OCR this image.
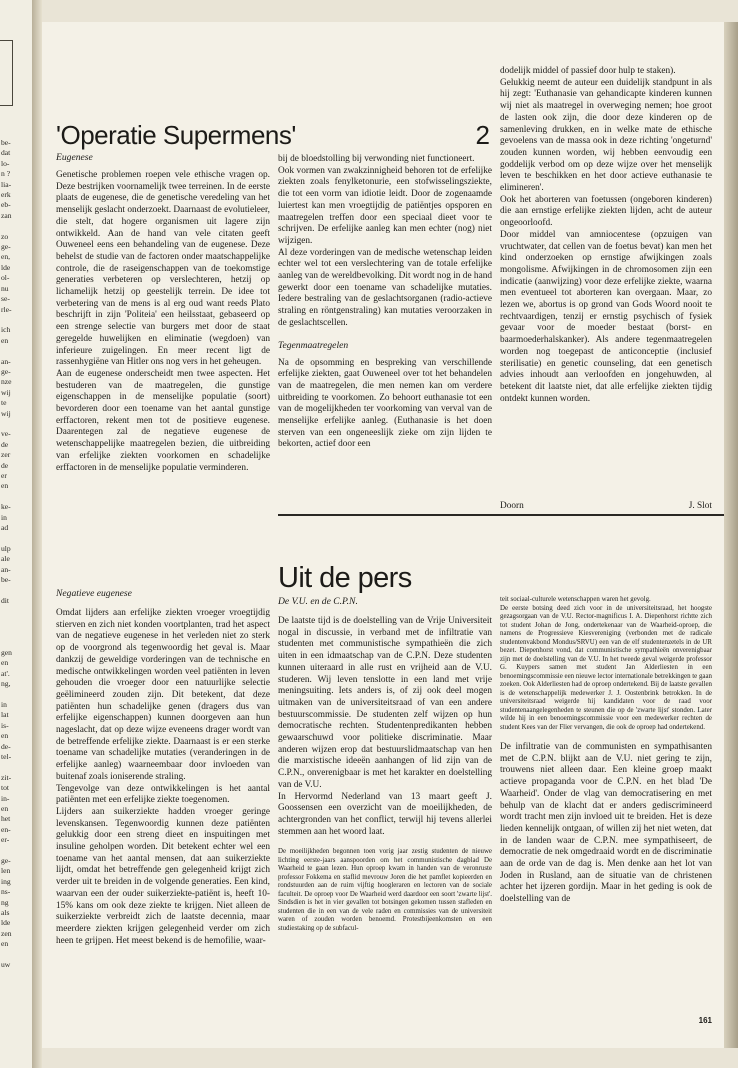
be-
dat
lo-
n ?
lia-
erk
eb-
zan

zo
ge-
en,
lde
ol-
nu
se-
rle-

ich
en

an-
ge-
nze
wij
te
wij

ve-
de
zer
de
er
en

ke-
in
ad

ulp
ale
an-
be-

dit

gen
en
at'.
ng,

in
lat
is-
en
de-
tel-

zit-
tot
in-
en
het
en-
er-

ge-
len
ing
ns-
ng
als
lde
zen
en

uw
'Operatie Supermens'	2
Eugenese
Genetische problemen roepen vele ethische vragen op. Deze bestrijken voornamelijk twee terreinen. In de eerste plaats de eugenese, die de genetische veredeling van het menselijk geslacht onderzoekt. Daarnaast de evolutieleer, die stelt, dat hogere organismen uit lagere zijn ontwikkeld. Aan de hand van vele citaten geeft Ouweneel eens een behandeling van de eugenese. Deze behelst de studie van de factoren onder maatschappelijke controle, die de raseigenschappen van de toekomstige generaties verbeteren op verslechteren, hetzij op lichamelijk hetzij op geestelijk terrein. De idee tot verbetering van de mens is al erg oud want reeds Plato beschrijft in zijn 'Politeia' een heilsstaat, gebaseerd op een strenge selectie van burgers met door de staat geregelde huwelijken en eliminatie (wegdoen) van inferieure zuigelingen. En meer recent ligt de rassenhygiëne van Hitler ons nog vers in het geheugen.
Aan de eugenese onderscheidt men twee aspecten. Het bestuderen van de maatregelen, die gunstige eigenschappen in de menselijke populatie (soort) bevorderen door een toename van het aantal gunstige erffactoren, rekent men tot de positieve eugenese. Daarentegen zal de negatieve eugenese de wetenschappelijke maatregelen bezien, die uitbreiding van erfelijke ziekten voorkomen en schadelijke erffactoren in de menselijke populatie verminderen.
bij de bloedstolling bij verwonding niet functioneert.
Ook vormen van zwakzinnigheid behoren tot de erfelijke ziekten zoals fenylketonurie, een stofwisselingsziekte, die tot een vorm van idiotie leidt. Door de zogenaamde luiertest kan men vroegtijdig de patiëntjes opsporen en maatregelen treffen door een speciaal dieet voor te schrijven. De erfelijke aanleg kan men echter (nog) niet wijzigen.
Al deze vorderingen van de medische wetenschap leiden echter wel tot een verslechtering van de totale erfelijke aanleg van de wereldbevolking. Dit wordt nog in de hand gewerkt door een toename van schadelijke mutaties. Iedere bestraling van de geslachtsorganen (radio-actieve straling en röntgenstraling) kan mutaties veroorzaken in de geslachtscellen.
Tegenmaatregelen
Na de opsomming en bespreking van verschillende erfelijke ziekten, gaat Ouweneel over tot het behandelen van de maatregelen, die men nemen kan om verdere uitbreiding te voorkomen. Zo behoort euthanasie tot een van de mogelijkheden ter voorkoming van verval van de menselijke erfelijke aanleg. (Euthanasie is het doen sterven van een ongeneeslijk zieke om zijn lijden te bekorten, actief door een
dodelijk middel of passief door hulp te staken).
Gelukkig neemt de auteur een duidelijk standpunt in als hij zegt: 'Euthanasie van gehandicapte kinderen kunnen wij niet als maatregel in overweging nemen; hoe groot de lasten ook zijn, die door deze kinderen op de samenleving drukken, en in welke mate de ethische gevoelens van de massa ook in deze richting 'ongeturnd' zouden kunnen worden, wij hebben eenvoudig een goddelijk verbod om op deze wijze over het menselijk leven te beschikken en het door actieve euthanasie te elimineren'.
Ook het aborteren van foetussen (ongeboren kinderen) die aan ernstige erfelijke ziekten lijden, acht de auteur ongeoorloofd.
Door middel van amniocentese (opzuigen van vruchtwater, dat cellen van de foetus bevat) kan men het kind onderzoeken op ernstige afwijkingen zoals mongolisme. Afwijkingen in de chromosomen zijn een indicatie (aanwijzing) voor deze erfelijke ziekte, waarna men eventueel tot aborteren kan overgaan. Maar, zo lezen we, abortus is op grond van Gods Woord nooit te rechtvaardigen, tenzij er ernstig psychisch of fysiek gevaar voor de moeder bestaat (borst- en baarmoederhalskanker). Als andere tegenmaatregelen worden nog toegepast de anticonceptie (inclusief sterilisatie) en genetic counseling, dat een genetisch advies inhoudt aan verloofden en jongehuwden, al betekent dit laatste niet, dat alle erfelijke ziekten tijdig ontdekt kunnen worden.
Doorn	J. Slot
Negatieve eugenese
Omdat lijders aan erfelijke ziekten vroeger vroegtijdig stierven en zich niet konden voortplanten, trad het aspect van de negatieve eugenese in het verleden niet zo sterk op de voorgrond als tegenwoordig het geval is. Maar dankzij de geweldige vorderingen van de technische en medische ontwikkelingen worden veel patiënten in leven gehouden die vroeger door een natuurlijke selectie geëlimineerd zouden zijn. Dit betekent, dat deze patiënten hun schadelijke genen (dragers dus van erfelijke eigenschappen) kunnen doorgeven aan hun nageslacht, dat op deze wijze eveneens drager wordt van de betreffende erfelijke ziekte. Daarnaast is er een sterke toename van schadelijke mutaties (veranderingen in de erfelijke aanleg) waarneembaar door invloeden van buitenaf zoals ioniserende straling.
Tengevolge van deze ontwikkelingen is het aantal patiënten met een erfelijke ziekte toegenomen.
Lijders aan suikerziekte hadden vroeger geringe levenskansen. Tegenwoordig kunnen deze patiënten gelukkig door een streng dieet en inspuitingen met insuline geholpen worden. Dit betekent echter wel een toename van het aantal mensen, dat aan suikerziekte lijdt, omdat het betreffende gen gelegenheid krijgt zich verder uit te breiden in de volgende generaties. Een kind, waarvan een der ouder suikerziekte-patiënt is, heeft 10-15% kans om ook deze ziekte te krijgen. Niet alleen de suikerziekte verbreidt zich de laatste decennia, maar meerdere ziekten krijgen gelegenheid verder om zich heen te grijpen. Het meest bekend is de hemofilie, waar-
Uit de pers
De V.U. en de C.P.N.
De laatste tijd is de doelstelling van de Vrije Universiteit nogal in discussie, in verband met de infiltratie van studenten met communistische sympathieën die zich uiten in een idmaatschap van de C.P.N. Deze studenten kunnen uiteraard in alle rust en vrijheid aan de V.U. studeren. Wij leven tenslotte in een land met vrije meningsuiting. Iets anders is, of zij ook deel mogen uitmaken van de universiteitsraad of van een andere bestuurscommissie. De studenten zelf wijzen op hun democratische rechten. Studentenpredikanten hebben gewaarschuwd voor politieke discriminatie. Maar anderen wijzen erop dat bestuurslidmaatschap van hen die marxistische ideeën aanhangen of lid zijn van de C.P.N., onverenigbaar is met het karakter en doelstelling van de V.U.
In Hervormd Nederland van 13 maart geeft J. Goossensen een overzicht van de moeilijkheden, de achtergronden van het conflict, terwijl hij tevens allerlei stemmen aan het woord laat.
De moeilijkheden begonnen toen vorig jaar zestig studenten de nieuwe lichting eerste-jaars aanspoorden om het communistische dagblad De Waarheid te gaan lezen. Hun oproep kwam in handen van de veronruste professor Fokkema en staflid mevrouw Joren die het pamflet kopieerden en rondstuurden aan de ruim vijftig hoogleraren en lectoren van de sociale faculteit. De oproep voor De Waarheid werd daardoor een soort 'zwarte lijst'. Sindsdien is het in vier gevallen tot botsingen gekomen tussen stafleden en studenten die in een van de vele raden en commissies van de universiteit waren of zouden worden benoemd. Protestbijeenkomsten en een studiestaking op de subfacul-
teit sociaal-culturele wetenschappen waren het gevolg.
De eerste botsing deed zich voor in de universiteitsraad, het hoogste gezagsorgaan van de V.U. Rector-magnificus I. A. Diepenhorst richtte zich tot student Johan de Jong, ondertekenaar van de Waarheid-oproep, die namens de Progressieve Kiesvereniging (verbonden met de radicale studentenvakbond Mondus/SRVU) een van de elf studentenzetels in de UR bezet. Diepenhorst vond, dat communistische sympathieën onverenigbaar zijn met de doelstelling van de V.U. In het tweede geval weigerde professor G. Kuypers samen met student Jan Alderliesten in een benoemingscommissie een nieuwe lector internationale betrekkingen te gaan zoeken. Ook Alderliesten had de oproep ondertekend. Bij de laatste gevallen is de wetenschappelijk medewerker J. J. Oostenbrink betrokken. In de universiteitsraad weigerde hij kandidaten voor de raad voor studentenaangelegenheden te steunen die op de 'zwarte lijst' stonden. Later wilde hij in een benoemingscommissie voor een medewerker rechten de student Kees van der Flier vervangen, die ook de oproep had ondertekend.
De infiltratie van de communisten en sympathisanten met de C.P.N. blijkt aan de V.U. niet gering te zijn, trouwens niet alleen daar. Een kleine groep maakt actieve propaganda voor de C.P.N. en het blad 'De Waarheid'. Onder de vlag van democratisering en met behulp van de klacht dat er anders gediscrimineerd wordt tracht men zijn invloed uit te breiden. Het is deze lieden kennelijk ontgaan, of willen zij het niet weten, dat in de landen waar de C.P.N. mee sympathiseert, de democratie de nek omgedraaid wordt en de discriminatie aan de orde van de dag is. Men denke aan het lot van Joden in Rusland, aan de situatie van de christenen achter het ijzeren gordijn. Maar in het geding is ook de doelstelling van de
161
